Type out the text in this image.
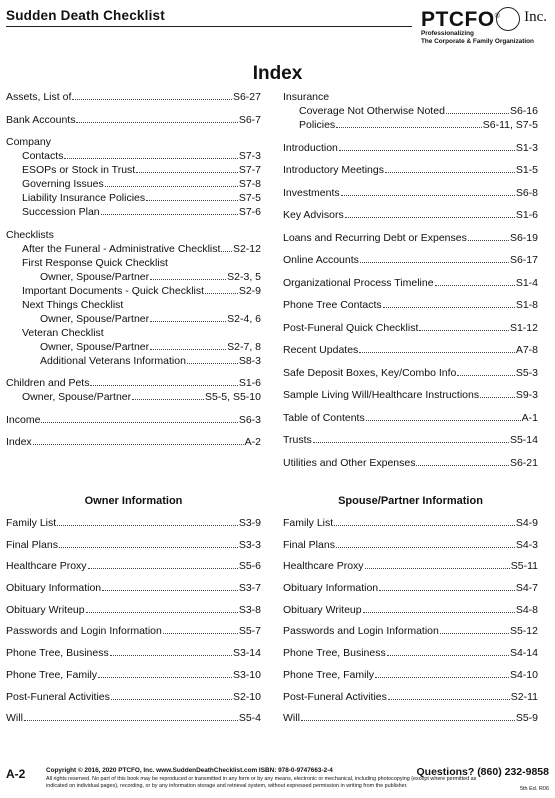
Sudden Death Checklist	PTCFO® Inc.
Professionalizing
The Corporate & Family Organization
Index
Assets, List of	S6-27
Bank Accounts	S6-7
Company
Contacts	S7-3
ESOPs or Stock in Trust	S7-7
Governing Issues	S7-8
Liability Insurance Policies	S7-5
Succession Plan	S7-6
Checklists
After the Funeral - Administrative Checklist S2-12
First Response Quick Checklist
Owner, Spouse/Partner	S2-3, 5
Important Documents - Quick Checklist	S2-9
Next Things Checklist
Owner, Spouse/Partner	S2-4, 6
Veteran Checklist
Owner, Spouse/Partner	S2-7, 8
Additional Veterans Information	S8-3
Children and Pets	S1-6
Owner, Spouse/Partner	S5-5, S5-10
Income	S6-3
Index	A-2
Insurance
Coverage Not Otherwise Noted	S6-16
Policies	S6-11, S7-5
Introduction	S1-3
Introductory Meetings	S1-5
Investments	S6-8
Key Advisors	S1-6
Loans and Recurring Debt or Expenses	S6-19
Online Accounts	S6-17
Organizational Process Timeline	S1-4
Phone Tree Contacts	S1-8
Post-Funeral Quick Checklist	S1-12
Recent Updates	A7-8
Safe Deposit Boxes, Key/Combo Info	S5-3
Sample Living Will/Healthcare Instructions	S9-3
Table of Contents	A-1
Trusts	S5-14
Utilities and Other Expenses	S6-21
Owner Information
Family List	S3-9
Final Plans	S3-3
Healthcare Proxy	S5-6
Obituary Information	S3-7
Obituary Writeup	S3-8
Passwords and Login Information	S5-7
Phone Tree, Business	S3-14
Phone Tree, Family	S3-10
Post-Funeral Activities	S2-10
Will	S5-4
Spouse/Partner Information
Family List	S4-9
Final Plans	S4-3
Healthcare Proxy	S5-11
Obituary Information	S4-7
Obituary Writeup	S4-8
Passwords and Login Information	S5-12
Phone Tree, Business	S4-14
Phone Tree, Family	S4-10
Post-Funeral Activities	S2-11
Will	S5-9
A-2	Copyright © 2016, 2020 PTCFO, Inc. www.SuddenDeathChecklist.com ISBN: 978-0-9747663-2-4
All rights reserved. No part of this book may be reproduced or transmitted in any form or by any means, electronic or mechanical, including photocopying (except where permitted as indicated on individual pages), recording, or by any information storage and retrieval system, without expressed permission in writing from the publisher.
Questions? (860) 232-9858
5th Ed. R06
